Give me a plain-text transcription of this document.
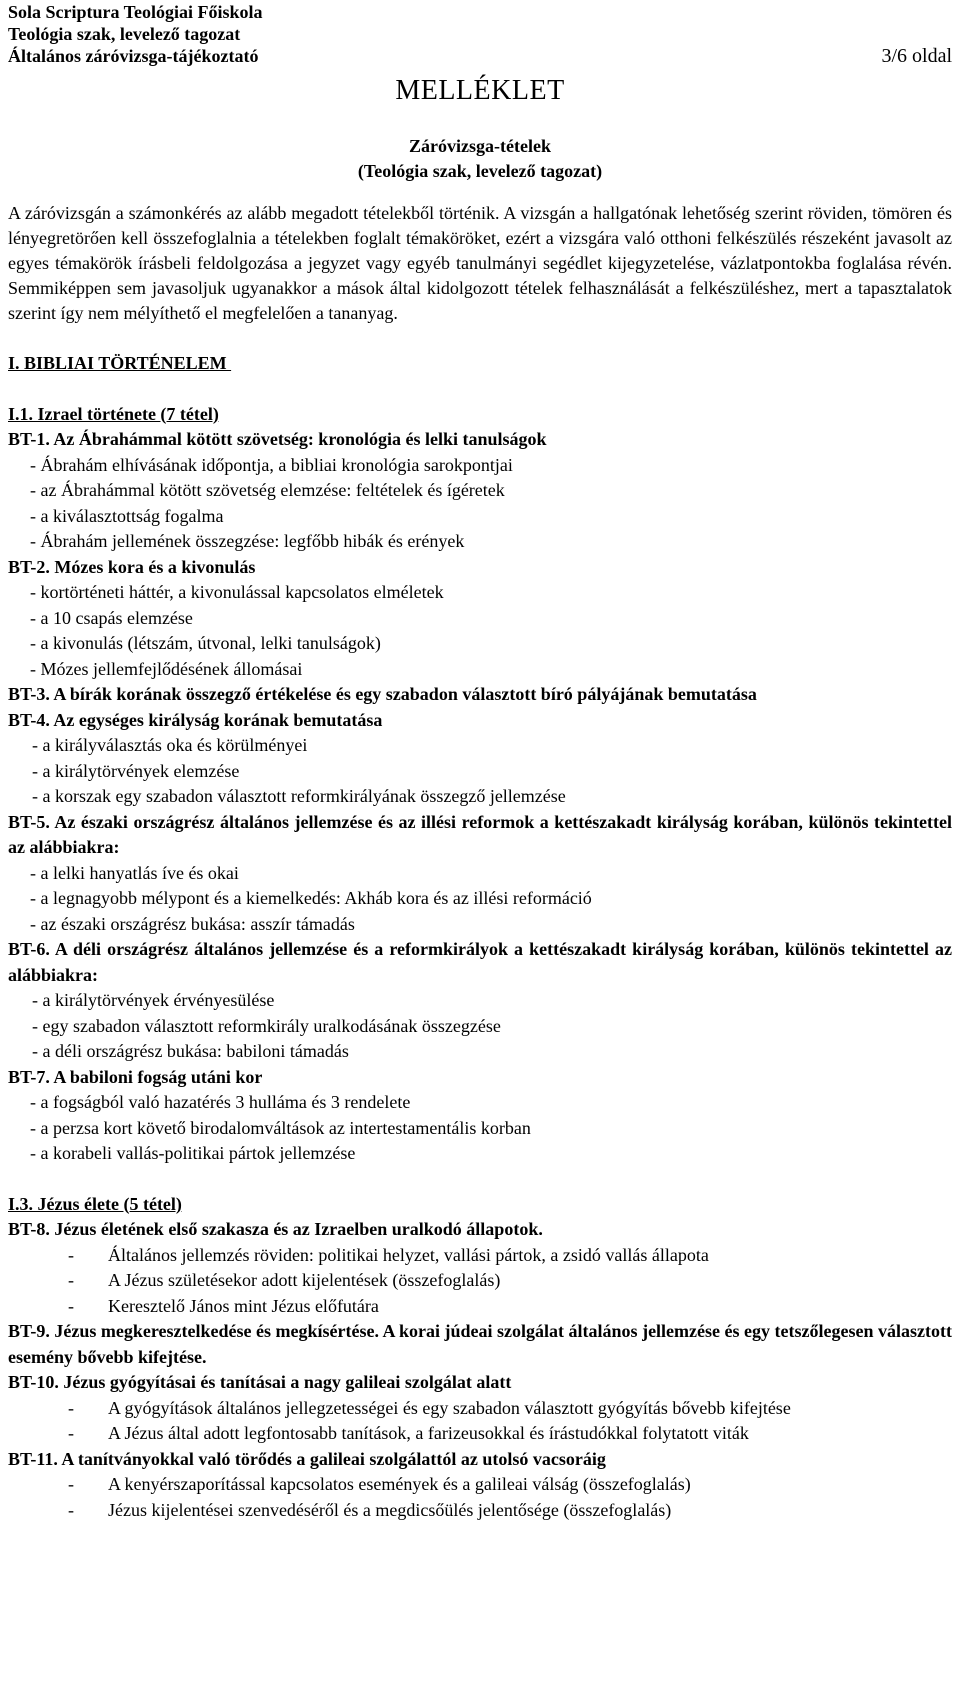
Sola Scriptura Teológiai Főiskola
Teológia szak, levelező tagozat
Általános záróvizsga-tájékoztató	3/6 oldal
MELLÉKLET
Záróvizsga-tételek
(Teológia szak, levelező tagozat)
A záróvizsgán a számonkérés az alább megadott tételekből történik. A vizsgán a hallgatónak lehetőség szerint röviden, tömören és lényegretörően kell összefoglalnia a tételekben foglalt témaköröket, ezért a vizsgára való otthoni felkészülés részeként javasolt az egyes témakörök írásbeli feldolgozása a jegyzet vagy egyéb tanulmányi segédlet kijegyzetelése, vázlatpontokba foglalása révén. Semmiképpen sem javasoljuk ugyanakkor a mások által kidolgozott tételek felhasználását a felkészüléshez, mert a tapasztalatok szerint így nem mélyíthető el megfelelően a tananyag.
I. BIBLIAI TÖRTÉNELEM
I.1. Izrael története (7 tétel)
BT-1. Az Ábrahámmal kötött szövetség: kronológia és lelki tanulságok
- Ábrahám elhívásának időpontja, a bibliai kronológia sarokpontjai
- az Ábrahámmal kötött szövetség elemzése: feltételek és ígéretek
- a kiválasztottság fogalma
- Ábrahám jellemének összegzése: legfőbb hibák és erények
BT-2. Mózes kora és a kivonulás
- kortörténeti háttér, a kivonulással kapcsolatos elméletek
- a 10 csapás elemzése
- a kivonulás (létszám, útvonal, lelki tanulságok)
- Mózes jellemfejlődésének állomásai
BT-3. A bírák korának összegző értékelése és egy szabadon választott bíró pályájának bemutatása
BT-4. Az egységes királyság korának bemutatása
- a királyválasztás oka és körülményei
- a királytörvények elemzése
- a korszak egy szabadon választott reformkirályának összegző jellemzése
BT-5. Az északi országrész általános jellemzése és az illési reformok a kettészakadt királyság korában, különös tekintettel az alábbiakra:
- a lelki hanyatlás íve és okai
- a legnagyobb mélypont és a kiemelkedés: Akháb kora és az illési reformáció
- az északi országrész bukása: asszír támadás
BT-6. A déli országrész általános jellemzése és a reformkirályok a kettészakadt királyság korában, különös tekintettel az alábbiakra:
- a királytörvények érvényesülése
- egy szabadon választott reformkirály uralkodásának összegzése
- a déli országrész bukása: babiloni támadás
BT-7. A babiloni fogság utáni kor
- a fogságból való hazatérés 3 hulláma és 3 rendelete
- a perzsa kort követő birodalomváltások az intertestamentális korban
- a korabeli vallás-politikai pártok jellemzése
I.3. Jézus élete (5 tétel)
BT-8. Jézus életének első szakasza és az Izraelben uralkodó állapotok.
- Általános jellemzés röviden: politikai helyzet, vallási pártok, a zsidó vallás állapota
- A Jézus születésekor adott kijelentések (összefoglalás)
- Keresztelő János mint Jézus előfutára
BT-9. Jézus megkeresztelkedése és megkísértése. A korai júdeai szolgálat általános jellemzése és egy tetszőlegesen választott esemény bővebb kifejtése.
BT-10. Jézus gyógyításai és tanításai a nagy galileai szolgálat alatt
- A gyógyítások általános jellegzetességei és egy szabadon választott gyógyítás bővebb kifejtése
- A Jézus által adott legfontosabb tanítások, a farizeusokkal és írástudókkal folytatott viták
BT-11. A tanítványokkal való törődés a galileai szolgálattól az utolsó vacsoráig
- A kenyérszaporítással kapcsolatos események és a galileai válság (összefoglalás)
- Jézus kijelentései szenvedéséről és a megdicsőülés jelentősége (összefoglalás)
